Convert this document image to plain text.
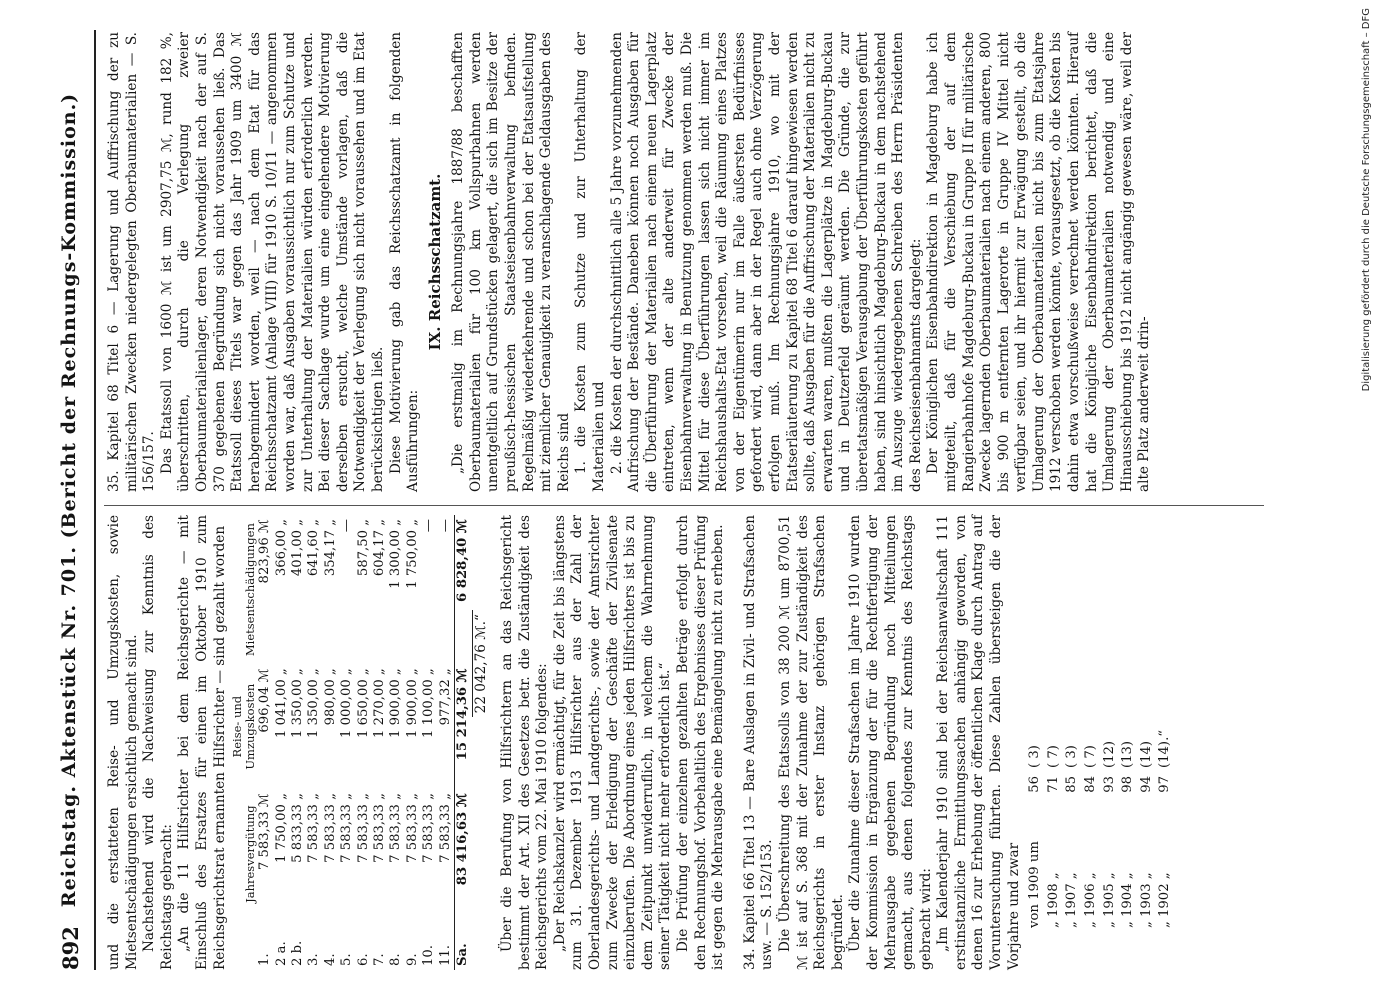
892
Reichstag. Aktenstück Nr. 701. (Bericht der Rechnungs-Kommission.) und die erstatteten Reise- und Umzugskosten, sowie Mietsentschädigungen ersichtlich gemacht sind. Nachstehend wird die Nachweisung zur Kenntnis des Reichstags gebracht: „An die 11 Hilfsrichter bei dem Reichsgerichte — mit Einschluß des Ersatzes für einen im Oktober 1910 zum Reichsgerichtsrat ernannten Hilfsrichter — sind gezahlt worden

	Jahresvergütung	Reise- und Umzugskosten	Mietsentschädigungen
1.	7 583,33 ℳ	696,04 ℳ	823,96 ℳ
2 a.	1 750,00 „	1 041,00 „	366,00 „
2 b.	5 833,33 „	1 350,00 „	401,00 „
3.	7 583,33 „	1 350,00 „	641,60 „
4.	7 583,33 „	980,00 „	354,17 „
5.	7 583,33 „	1 000,00 „	—
6.	7 583,33 „	1 650,00 „	587,50 „
7.	7 583,33 „	1 270,00 „	604,17 „
8.	7 583,33 „	1 900,00 „	1 300,00 „
9.	7 583,33 „	1 900,00 „	1 750,00 „
10.	7 583,33 „	1 100,00 „	—
11.	7 583,33 „	977,32 „	—
Sa.	83 416,63 ℳ	15 214,36 ℳ	6 828,40 ℳ
22 042,76 ℳ.“ Über die Berufung von Hilfsrichtern an das Reichsgericht bestimmt der Art. XII des Gesetzes betr. die Zuständigkeit des Reichsgerichts vom 22. Mai 1910 folgendes: „Der Reichskanzler wird ermächtigt, für die Zeit bis längstens zum 31. Dezember 1913 Hilfsrichter aus der Zahl der Oberlandesgerichts- und Landgerichts-, sowie der Amtsrichter zum Zwecke der Erledigung der Geschäfte der Zivilsenate einzuberufen. Die Abordnung eines jeden Hilfsrichters ist bis zu dem Zeitpunkt unwiderruflich, in welchem die Wahrnehmung seiner Tätigkeit nicht mehr erforderlich ist.“ Die Prüfung der einzelnen gezahlten Beträge erfolgt durch den Rechnungshof. Vorbehaltlich des Ergebnisses dieser Prüfung ist gegen die Mehrausgabe eine Bemängelung nicht zu erheben. 34. Kapitel 66 Titel 13 — Bare Auslagen in Zivil- und Strafsachen usw. — S. 152/153. Die Überschreitung des Etatssolls von 38 200 ℳ um 8700,51 ℳ ist auf S. 368 mit der Zunahme der zur Zuständigkeit des Reichsgerichts in erster Instanz gehörigen Strafsachen begründet. Über die Zunahme dieser Strafsachen im Jahre 1910 wurden der Kommission in Ergänzung der für die Rechtfertigung der Mehrausgabe gegebenen Begründung noch Mitteilungen gemacht, aus denen folgendes zur Kenntnis des Reichstags gebracht wird: „Im Kalenderjahr 1910 sind bei der Reichsanwaltschaft 111 erstinstanzliche Ermittlungssachen anhängig geworden, von denen 16 zur Erhebung der öffentlichen Klage durch Antrag auf Voruntersuchung führten. Diese Zahlen übersteigen die der Vorjahre und zwar von 1909 um	56	( 3)
„ 1908 „	71	( 7)
„ 1907 „	85	( 3)
„ 1906 „	84	( 7)
„ 1905 „	93	(12)
„ 1904 „	98	(13)
„ 1903 „	94	(14)
„ 1902 „	97	(14).“

35. Kapitel 68 Titel 6 — Lagerung und Auffrischung der zu militärischen Zwecken niedergelegten Oberbaumaterialien — S. 156/157. Das Etatssoll von 1600 ℳ ist um 2907,75 ℳ, rund 182 %, überschritten, durch die Verlegung zweier Oberbaumaterialienlager, deren Notwendigkeit nach der auf S. 370 gegebenen Begründung sich nicht voraussehen ließ. Das Etatssoll dieses Titels war gegen das Jahr 1909 um 3400 ℳ herabgemindert worden, weil — nach dem Etat für das Reichsschatzamt (Anlage VIII) für 1910 S. 10/11 — angenommen worden war, daß Ausgaben voraussichtlich nur zum Schutze und zur Unterhaltung der Materialien würden erforderlich werden. Bei dieser Sachlage wurde um eine eingehendere Motivierung derselben ersucht, welche Umstände vorlagen, daß die Notwendigkeit der Verlegung sich nicht voraussehen und im Etat berücksichtigen ließ. Diese Motivierung gab das Reichsschatzamt in folgenden Ausführungen:

IX. Reichsschatzamt. „Die erstmalig im Rechnungsjahre 1887/88 beschafften Oberbaumaterialien für 100 km Vollspurbahnen werden unentgeltlich auf Grundstücken gelagert, die sich im Besitze der preußisch-hessischen Staatseisenbahnverwaltung befinden. Regelmäßig wiederkehrende und schon bei der Etatsaufstellung mit ziemlicher Genauigkeit zu veranschlagende Geldausgaben des Reichs sind 1. die Kosten zum Schutze und zur Unterhaltung der Materialien und 2. die Kosten der durchschnittlich alle 5 Jahre vorzunehmenden Aufrischung der Bestände. Daneben können noch Ausgaben für die Überführung der Materialien nach einem neuen Lagerplatz eintreten, wenn der alte anderweit für Zwecke der Eisenbahnverwaltung in Benutzung genommen werden muß. Die Mittel für diese Überführungen lassen sich nicht immer im Reichshaushalts-Etat vorsehen, weil die Räumung eines Platzes von der Eigentümerin nur im Falle äußersten Bedürfnisses gefordert wird, dann aber in der Regel auch ohne Verzögerung erfolgen muß. Im Rechnungsjahre 1910, wo mit der Etatserläuterung zu Kapitel 68 Titel 6 darauf hingewiesen werden sollte, daß Ausgaben für die Auffrischung der Materialien nicht zu erwarten waren, mußten die Lagerplätze in Magdeburg-Buckau und in Deutzerfeld geräumt werden. Die Gründe, die zur überetatsmäßigen Verausgabung der Überführungskosten geführt haben, sind hinsichtlich Magdeburg-Buckau in dem nachstehend im Auszuge wiedergegebenen Schreiben des Herrn Präsidenten des Reichseisenbahnamts dargelegt: Der Königlichen Eisenbahndirektion in Magdeburg habe ich mitgeteilt, daß für die Verschiebung der auf dem Rangierbahnhofe Magdeburg-Buckau in Gruppe II für militärische Zwecke lagernden Oberbaumaterialien nach einem anderen, 800 bis 900 m entfernten Lagerorte in Gruppe IV Mittel nicht verfügbar seien, und ihr hiermit zur Erwägung gestellt, ob die Umlagerung der Oberbaumaterialien nicht bis zum Etatsjahre 1912 verschoben werden könnte, vorausgesetzt, ob die Kosten bis dahin etwa vorschußweise verrechnet werden könnten. Hierauf hat die Königliche Eisenbahndirektion berichtet, daß die Umlagerung der Oberbaumaterialien notwendig und eine Hinausschiebung bis 1912 nicht angängig gewesen wäre, weil der alte Platz anderweit drin-

Digitalisierung gefördert durch die Deutsche Forschungsgemeinschaft – DFG
